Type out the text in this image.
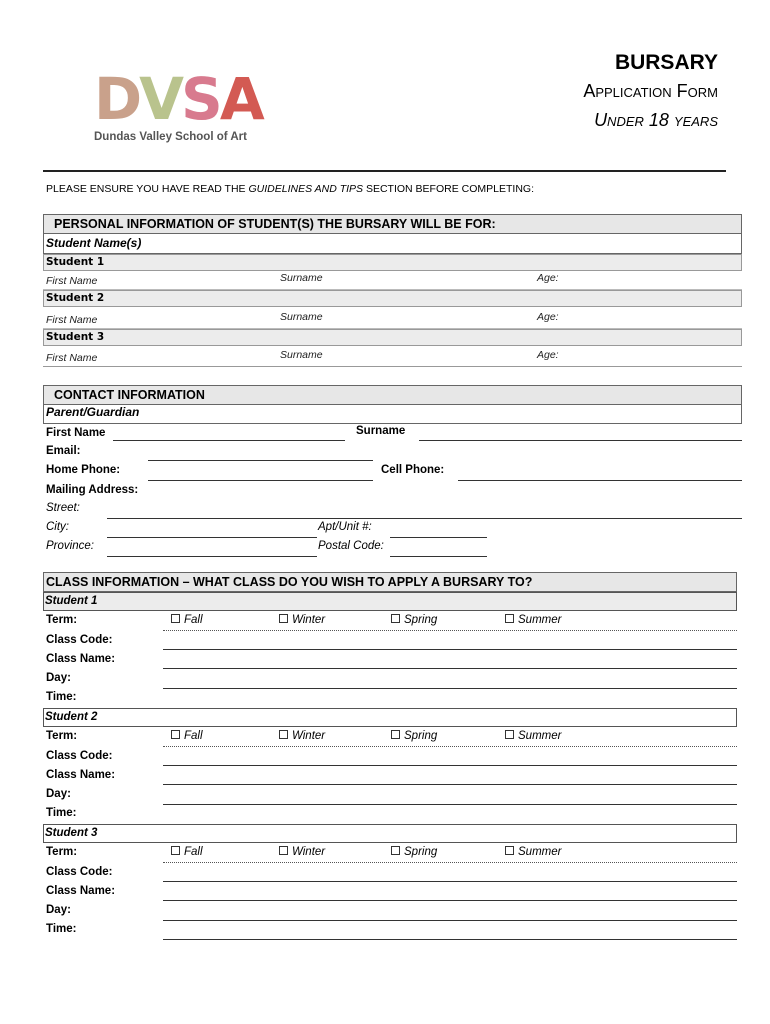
DVSA
Dundas Valley School of Art
BURSARY
Application Form
Under 18 years
PLEASE ENSURE YOU HAVE READ THE GUIDELINES AND TIPS SECTION BEFORE COMPLETING:
PERSONAL INFORMATION OF STUDENT(S) THE BURSARY WILL BE FOR:
Student Name(s)
Student 1
First Name	Surname	Age:
Student 2
First Name	Surname	Age:
Student 3
First Name	Surname	Age:
CONTACT INFORMATION
Parent/Guardian
First Name	Surname
Email:
Home Phone:	Cell Phone:
Mailing Address:
Street:
City:	Apt/Unit #:
Province:	Postal Code:
CLASS INFORMATION – WHAT CLASS DO YOU WISH TO APPLY A BURSARY TO?
Student 1
Term:	Fall	Winter	Spring	Summer
Class Code:
Class Name:
Day:
Time:
Student 2
Term:	Fall	Winter	Spring	Summer
Class Code:
Class Name:
Day:
Time:
Student 3
Term:	Fall	Winter	Spring	Summer
Class Code:
Class Name:
Day:
Time:
